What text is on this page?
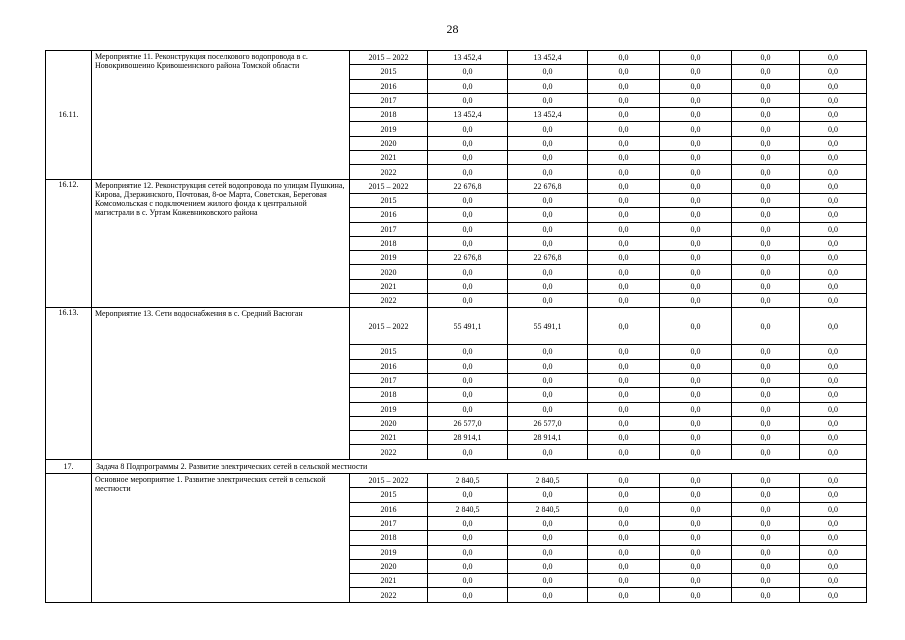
28
16.11.	Мероприятие 11. Реконструкция поселкового водопровода в с. Новокривошеино Кривошеинского района Томской области	2015 – 2022	13 452,4	13 452,4	0,0	0,0	0,0	0,0
		2015	0,0	0,0	0,0	0,0	0,0	0,0
		2016	0,0	0,0	0,0	0,0	0,0	0,0
		2017	0,0	0,0	0,0	0,0	0,0	0,0
		2018	13 452,4	13 452,4	0,0	0,0	0,0	0,0
		2019	0,0	0,0	0,0	0,0	0,0	0,0
		2020	0,0	0,0	0,0	0,0	0,0	0,0
		2021	0,0	0,0	0,0	0,0	0,0	0,0
		2022	0,0	0,0	0,0	0,0	0,0	0,0
16.12.	Мероприятие 12. Реконструкция сетей водопровода по улицам Пушкина, Кирова, Дзержинского, Почтовая, 8-ое Марта, Советская, Береговая Комсомольская с подключением жилого фонда к центральной магистрали в с. Уртам Кожевниковского района	2015 – 2022	22 676,8	22 676,8	0,0	0,0	0,0	0,0
		2015	0,0	0,0	0,0	0,0	0,0	0,0
		2016	0,0	0,0	0,0	0,0	0,0	0,0
		2017	0,0	0,0	0,0	0,0	0,0	0,0
		2018	0,0	0,0	0,0	0,0	0,0	0,0
		2019	22 676,8	22 676,8	0,0	0,0	0,0	0,0
		2020	0,0	0,0	0,0	0,0	0,0	0,0
		2021	0,0	0,0	0,0	0,0	0,0	0,0
		2022	0,0	0,0	0,0	0,0	0,0	0,0
16.13.	Мероприятие 13. Сети водоснабжения в с. Средний Васюган	2015 – 2022	55 491,1	55 491,1	0,0	0,0	0,0	0,0
		2015	0,0	0,0	0,0	0,0	0,0	0,0
		2016	0,0	0,0	0,0	0,0	0,0	0,0
		2017	0,0	0,0	0,0	0,0	0,0	0,0
		2018	0,0	0,0	0,0	0,0	0,0	0,0
		2019	0,0	0,0	0,0	0,0	0,0	0,0
		2020	26 577,0	26 577,0	0,0	0,0	0,0	0,0
		2021	28 914,1	28 914,1	0,0	0,0	0,0	0,0
		2022	0,0	0,0	0,0	0,0	0,0	0,0
17.	Задача 8 Подпрограммы 2. Развитие электрических сетей в сельской местности							
	Основное мероприятие 1. Развитие электрических сетей в сельской местности	2015 – 2022	2 840,5	2 840,5	0,0	0,0	0,0	0,0
		2015	0,0	0,0	0,0	0,0	0,0	0,0
		2016	2 840,5	2 840,5	0,0	0,0	0,0	0,0
		2017	0,0	0,0	0,0	0,0	0,0	0,0
		2018	0,0	0,0	0,0	0,0	0,0	0,0
		2019	0,0	0,0	0,0	0,0	0,0	0,0
		2020	0,0	0,0	0,0	0,0	0,0	0,0
		2021	0,0	0,0	0,0	0,0	0,0	0,0
		2022	0,0	0,0	0,0	0,0	0,0	0,0
